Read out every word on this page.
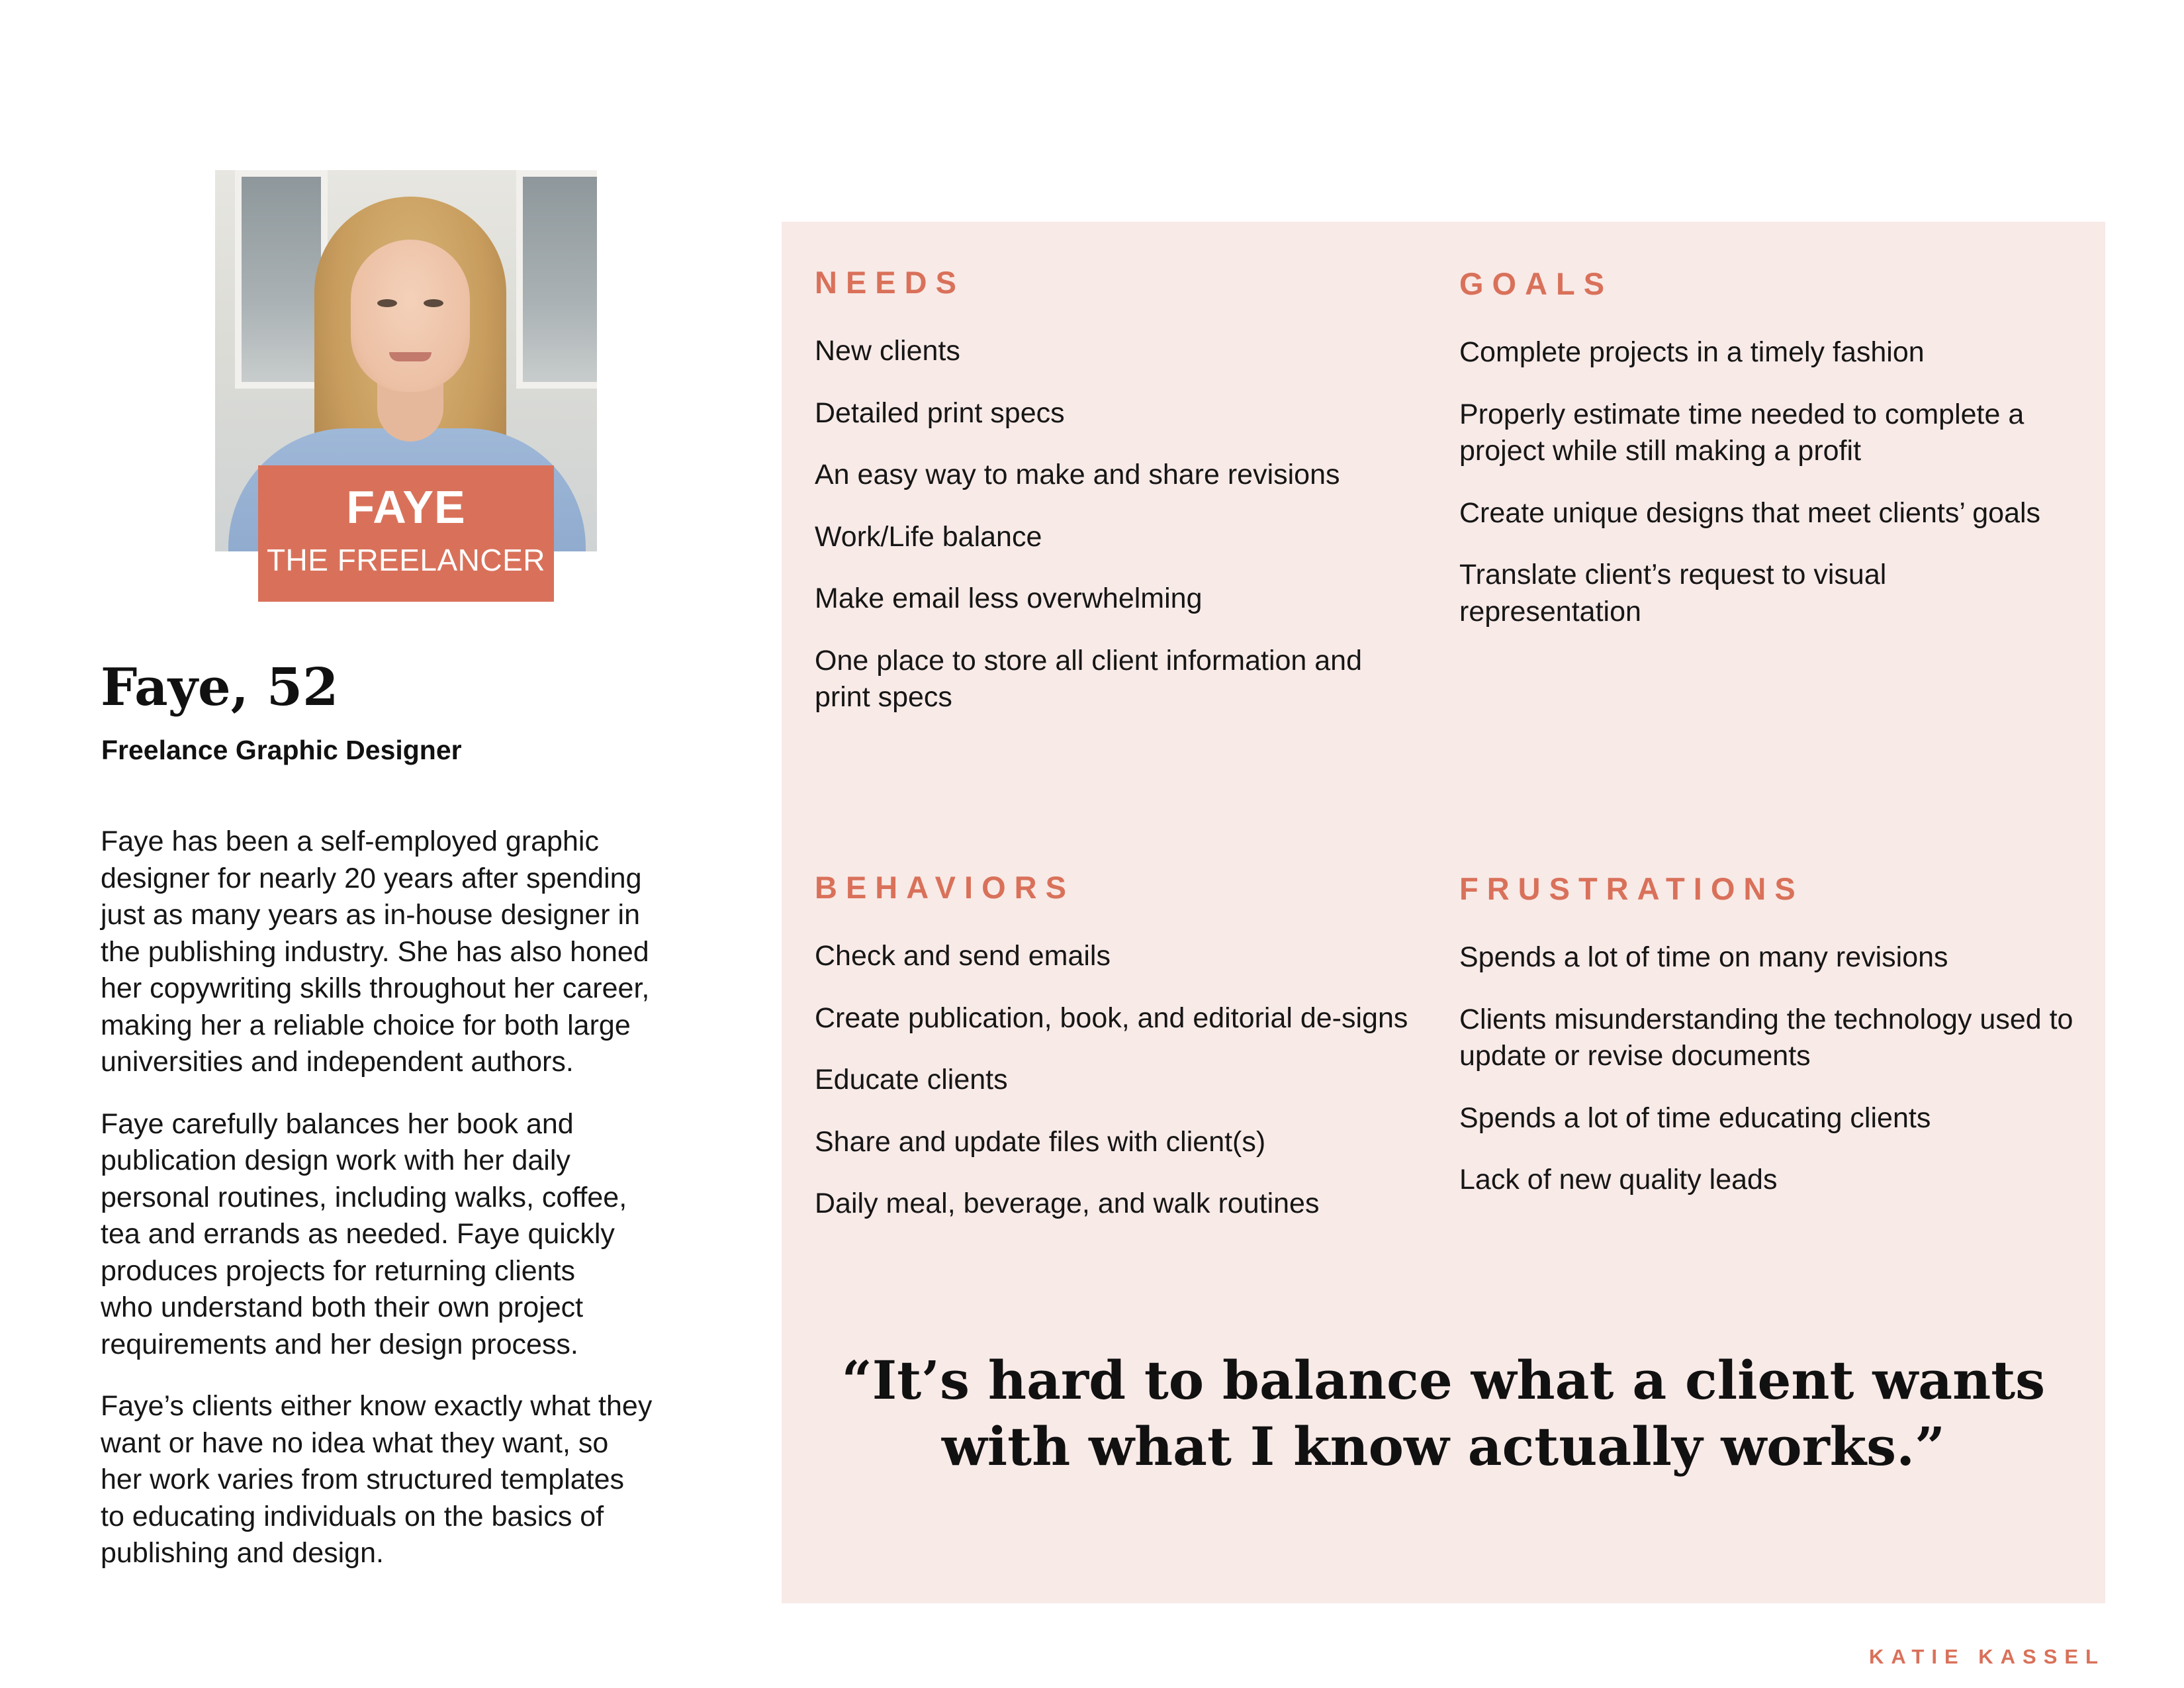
FAYE
THE FREELANCER
Faye, 52
Freelance Graphic Designer

Faye has been a self-employed graphic
designer for nearly 20 years after spending
just as many years as in-house designer in
the publishing industry. She has also honed
her copywriting skills throughout her career,
making her a reliable choice for both large
universities and independent authors.

Faye carefully balances her book and
publication design work with her daily
personal routines, including walks, coffee,
tea and errands as needed. Faye quickly
produces projects for returning clients
who understand both their own project
requirements and her design process.

Faye’s clients either know exactly what they
want or have no idea what they want, so
her work varies from structured templates
to educating individuals on the basics of
publishing and design.

NEEDS
New clients
Detailed print specs
An easy way to make and share revisions
Work/Life balance
Make email less overwhelming
One place to store all client information and print specs
GOALS
Complete projects in a timely fashion
Properly estimate time needed to complete a project while still making a profit
Create unique designs that meet clients’ goals
Translate client’s request to visual representation
BEHAVIORS
Check and send emails
Create publication, book, and editorial de-signs
Educate clients
Share and update files with client(s)
Daily meal, beverage, and walk routines
FRUSTRATIONS
Spends a lot of time on many revisions
Clients misunderstanding the technology used to update or revise documents
Spends a lot of time educating clients
Lack of new quality leads
“It’s hard to balance what a client wants
with what I know actually works.”
KATIE KASSEL
